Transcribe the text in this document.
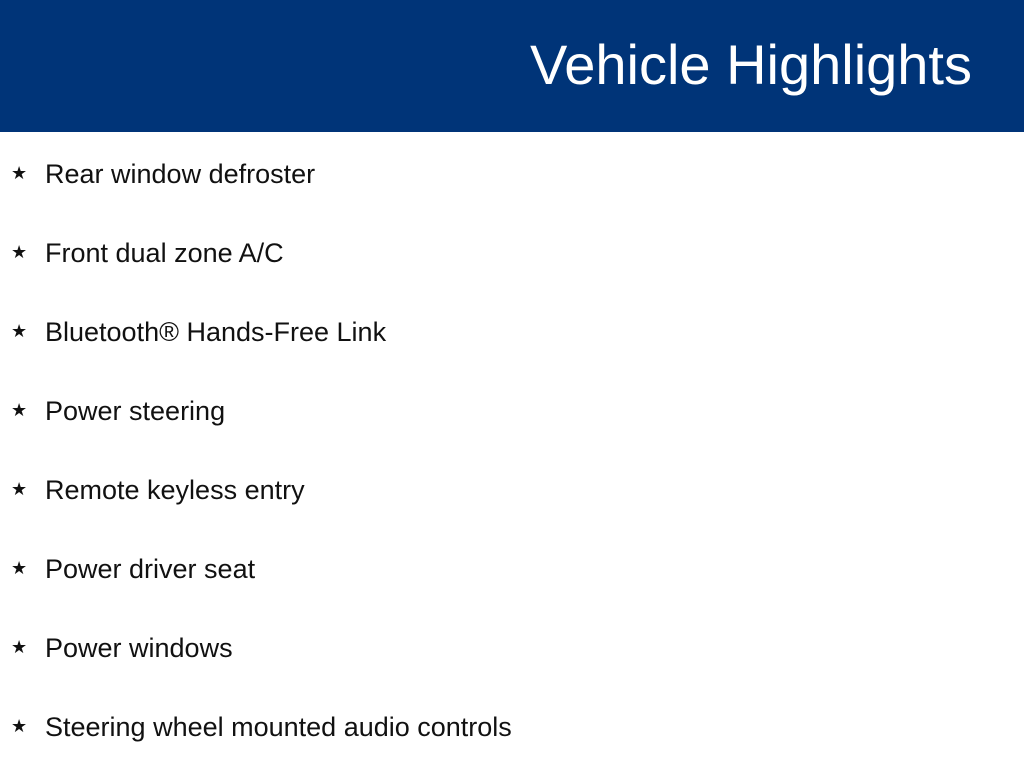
Vehicle Highlights
★ Rear window defroster
★ Front dual zone A/C
★ Bluetooth® Hands-Free Link
★ Power steering
★ Remote keyless entry
★ Power driver seat
★ Power windows
★ Steering wheel mounted audio controls
